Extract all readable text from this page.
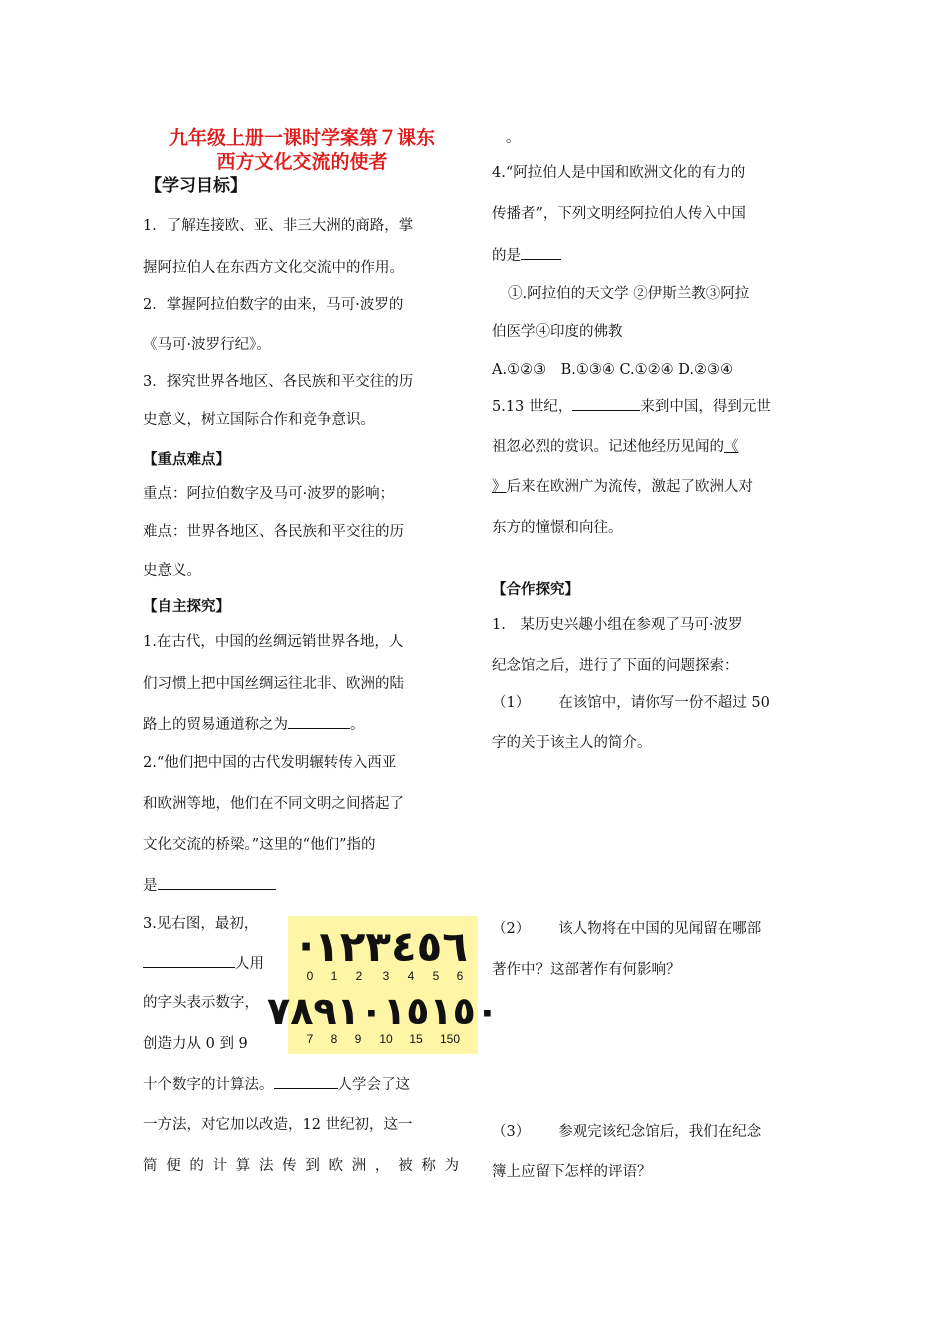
九年级上册一课时学案第７课东
西方文化交流的使者
【学习目标】
1．了解连接欧、亚、非三大洲的商路，掌
握阿拉伯人在东西方文化交流中的作用。
2．掌握阿拉伯数字的由来，马可·波罗的
《马可·波罗行纪》。
3．探究世界各地区、各民族和平交往的历
史意义，树立国际合作和竞争意识。
【重点难点】
重点：阿拉伯数字及马可·波罗的影响；
难点：世界各地区、各民族和平交往的历
史意义。
【自主探究】
1.在古代，中国的丝绸远销世界各地，人
们习惯上把中国丝绸运往北非、欧洲的陆
路上的贸易通道称之为	。
2.“他们把中国的古代发明辗转传入西亚
和欧洲等地，他们在不同文明之间搭起了
文化交流的桥梁。”这里的“他们”指的
是
3.见右图，最初，
人用
的字头表示数字，
创造力从 0 到 9
十个数字的计算法。	人学会了这
一方法，对它加以改造，12 世纪初，这一
简便的计算法传到欧洲，被称为
·١٢٣٤٥٦
0 1 2 3 4 5 6
٧٨٩١٠١٥١٥٠
7 8 9 10 15 150
。
4.“阿拉伯人是中国和欧洲文化的有力的
传播者”，下列文明经阿拉伯人传入中国
的是
①.阿拉伯的天文学 ②伊斯兰教③阿拉
伯医学④印度的佛教
A.①②③　B.①③④ C.①②④ D.②③④
5.13 世纪，	来到中国，得到元世
祖忽必烈的赏识。记述他经历见闻的《
》后来在欧洲广为流传，激起了欧洲人对
东方的憧憬和向往。
【合作探究】
1.　某历史兴趣小组在参观了马可·波罗
纪念馆之后，进行了下面的问题探索：
（1） 在该馆中，请你写一份不超过 50
字的关于该主人的简介。
（2） 该人物将在中国的见闻留在哪部
著作中？这部著作有何影响？
（3） 参观完该纪念馆后，我们在纪念
簿上应留下怎样的评语？
